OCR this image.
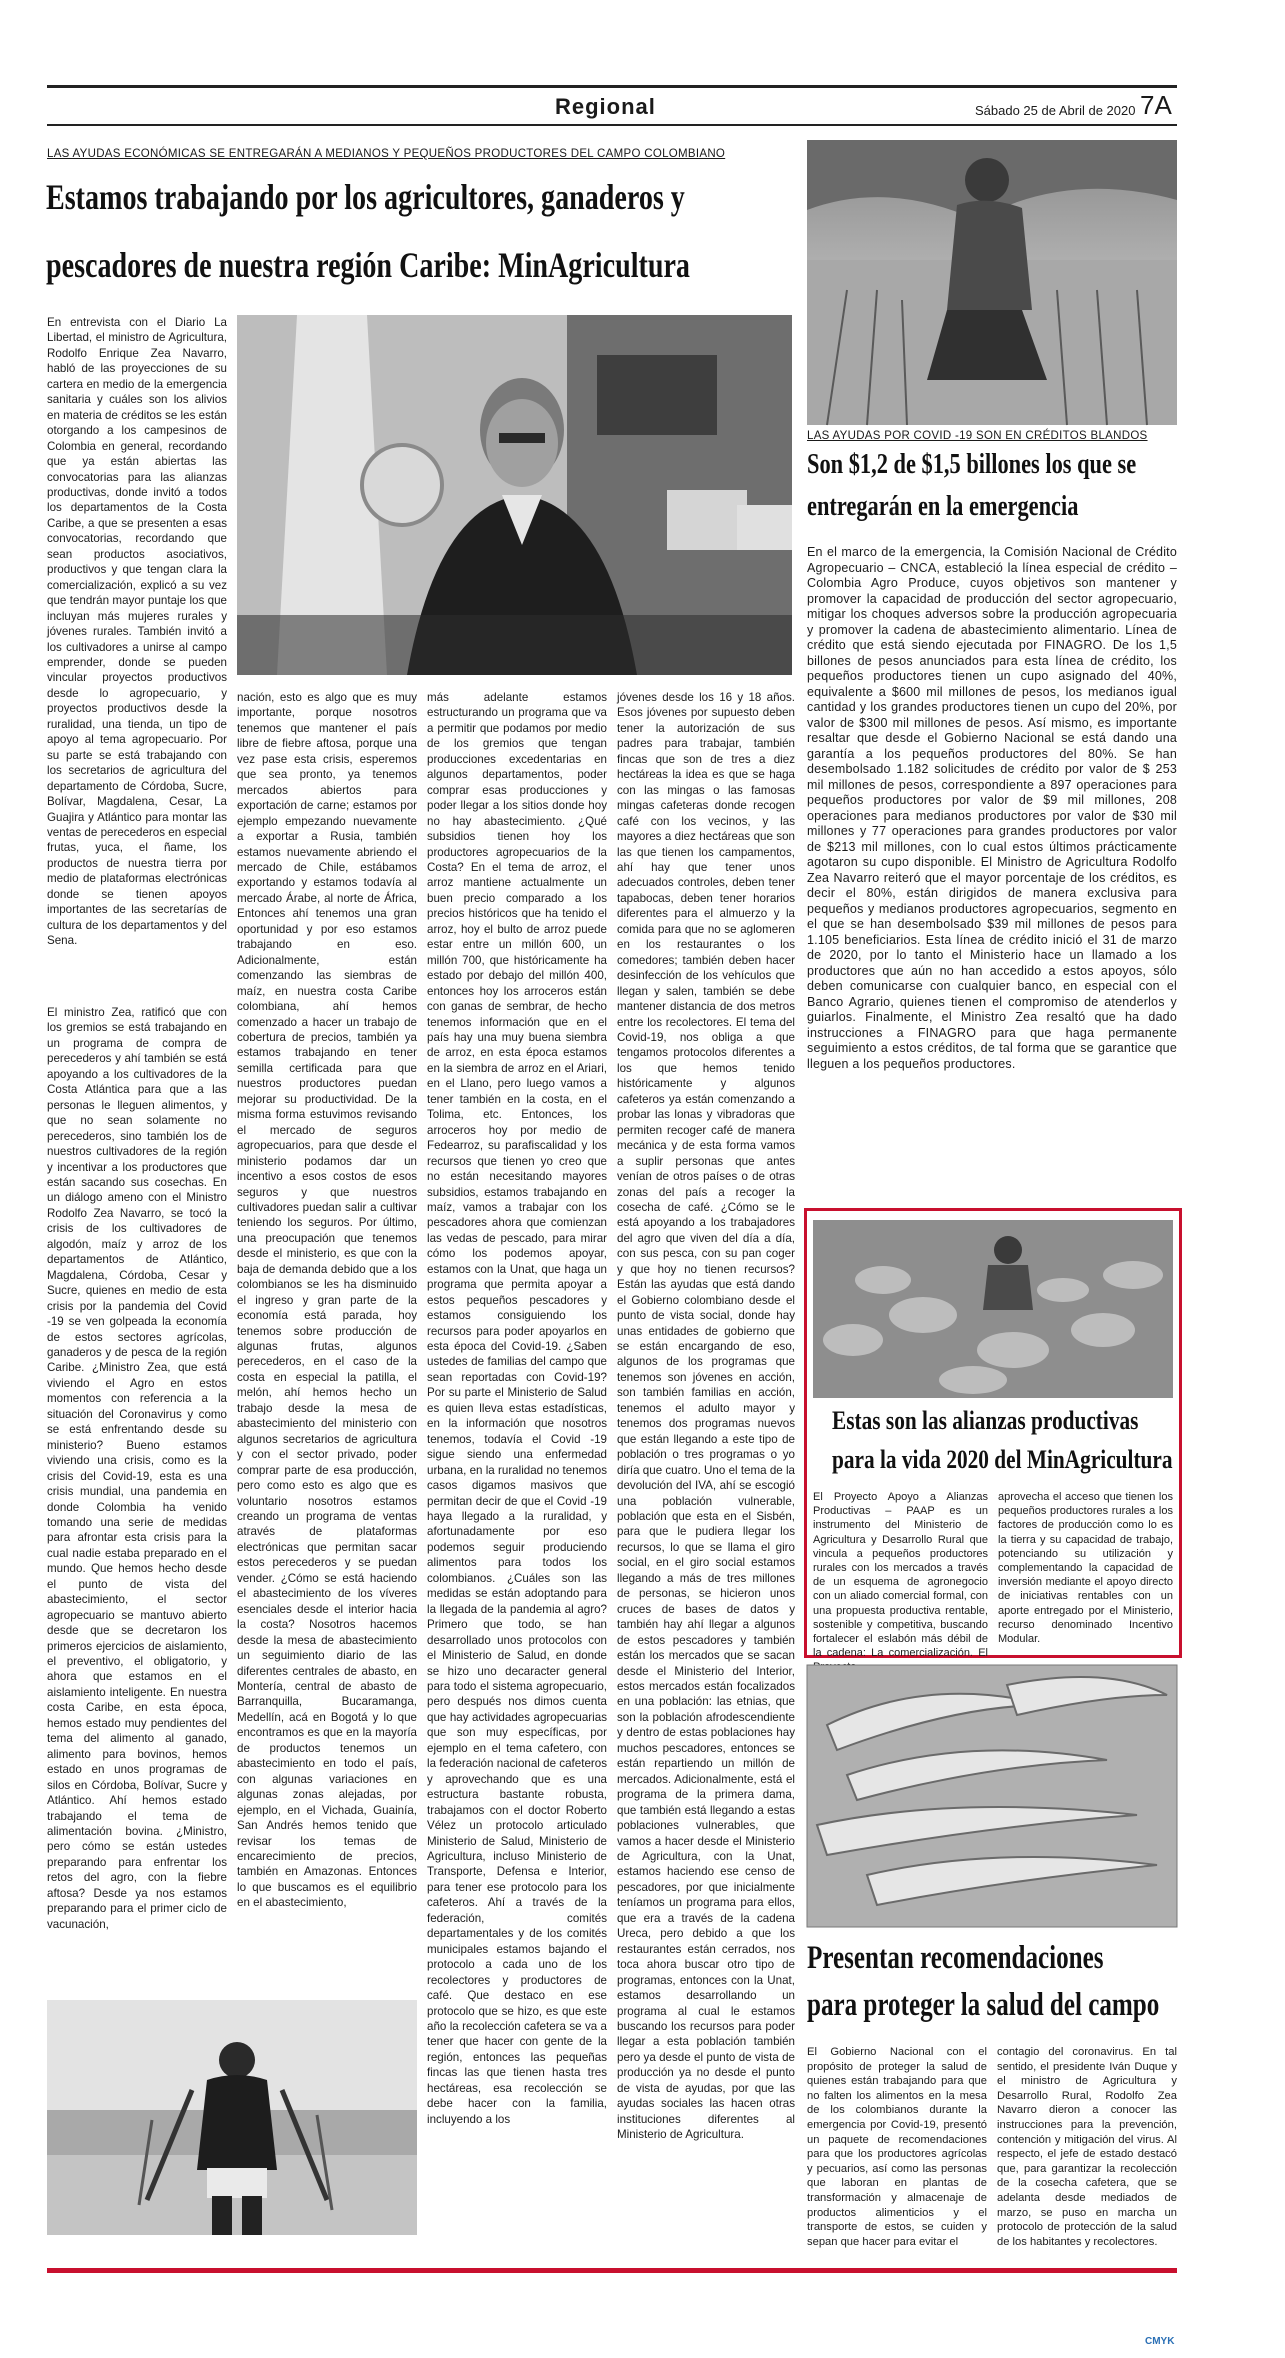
Regional	Sábado 25 de Abril de 2020 7A
LAS AYUDAS ECONÓMICAS SE ENTREGARÁN A MEDIANOS Y PEQUEÑOS PRODUCTORES DEL CAMPO COLOMBIANO
Estamos trabajando por los agricultores, ganaderos y
pescadores de nuestra región Caribe: MinAgricultura
En entrevista con el Diario La Libertad, el ministro de Agricultura, Rodolfo Enrique Zea Navarro, habló de las proyecciones de su cartera en medio de la emergencia sanitaria y cuáles son los alivios en materia de créditos se les están otorgando a los campesinos de Colombia en general, recordando que ya están abiertas las convocatorias para las alianzas productivas, donde invitó a todos los departamentos de la Costa Caribe, a que se presenten a esas convocatorias, recordando que sean productos asociativos, productivos y que tengan clara la comercialización, explicó a su vez que tendrán mayor puntaje los que incluyan más mujeres rurales y jóvenes rurales. También invitó a los cultivadores a unirse al campo emprender, donde se pueden vincular proyectos productivos desde lo agropecuario, y proyectos productivos desde la ruralidad, una tienda, un tipo de apoyo al tema agropecuario. Por su parte se está trabajando con los secretarios de agricultura del departamento de Córdoba, Sucre, Bolívar, Magdalena, Cesar, La Guajira y Atlántico para montar las ventas de perecederos en especial frutas, yuca, el ñame, los productos de nuestra tierra por medio de plataformas electrónicas donde se tienen apoyos importantes de las secretarías de cultura de los departamentos y del Sena.
El ministro Zea, ratificó que con los gremios se está trabajando en un programa de compra de perecederos y ahí también se está apoyando a los cultivadores de la Costa Atlántica para que a las personas le lleguen alimentos, y que no sean solamente no perecederos, sino también los de nuestros cultivadores de la región y incentivar a los productores que están sacando sus cosechas. En un diálogo ameno con el Ministro Rodolfo Zea Navarro, se tocó la crisis de los cultivadores de algodón, maíz y arroz de los departamentos de Atlántico, Magdalena, Córdoba, Cesar y Sucre, quienes en medio de esta crisis por la pandemia del Covid -19 se ven golpeada la economía de estos sectores agrícolas, ganaderos y de pesca de la región Caribe. ¿Ministro Zea, que está viviendo el Agro en estos momentos con referencia a la situación del Coronavirus y como se está enfrentando desde su ministerio? Bueno estamos viviendo una crisis, como es la crisis del Covid-19, esta es una crisis mundial, una pandemia en donde Colombia ha venido tomando una serie de medidas para afrontar esta crisis para la cual nadie estaba preparado en el mundo. Que hemos hecho desde el punto de vista del abastecimiento, el sector agropecuario se mantuvo abierto desde que se decretaron los primeros ejercicios de aislamiento, el preventivo, el obligatorio, y ahora que estamos en el aislamiento inteligente. En nuestra costa Caribe, en esta época, hemos estado muy pendientes del tema del alimento al ganado, alimento para bovinos, hemos estado en unos programas de silos en Córdoba, Bolívar, Sucre y Atlántico. Ahí hemos estado trabajando el tema de alimentación bovina. ¿Ministro, pero cómo se están ustedes preparando para enfrentar los retos del agro, con la fiebre aftosa? Desde ya nos estamos preparando para el primer ciclo de vacunación,
nación, esto es algo que es muy importante, porque nosotros tenemos que mantener el país libre de fiebre aftosa, porque una vez pase esta crisis, esperemos que sea pronto, ya tenemos mercados abiertos para exportación de carne; estamos por ejemplo empezando nuevamente a exportar a Rusia, también estamos nuevamente abriendo el mercado de Chile, estábamos exportando y estamos todavía al mercado Árabe, al norte de África, Entonces ahí tenemos una gran oportunidad y por eso estamos trabajando en eso. Adicionalmente, están comenzando las siembras de maíz, en nuestra costa Caribe colombiana, ahí hemos comenzado a hacer un trabajo de cobertura de precios, también ya estamos trabajando en tener semilla certificada para que nuestros productores puedan mejorar su productividad. De la misma forma estuvimos revisando el mercado de seguros agropecuarios, para que desde el ministerio podamos dar un incentivo a esos costos de esos seguros y que nuestros cultivadores puedan salir a cultivar teniendo los seguros. Por último, una preocupación que tenemos desde el ministerio, es que con la baja de demanda debido que a los colombianos se les ha disminuido el ingreso y gran parte de la economía está parada, hoy tenemos sobre producción de algunas frutas, algunos perecederos, en el caso de la costa en especial la patilla, el melón, ahí hemos hecho un trabajo desde la mesa de abastecimiento del ministerio con algunos secretarios de agricultura y con el sector privado, poder comprar parte de esa producción, pero como esto es algo que es voluntario nosotros estamos creando un programa de ventas através de plataformas electrónicas que permitan sacar estos perecederos y se puedan vender. ¿Cómo se está haciendo el abastecimiento de los víveres esenciales desde el interior hacia la costa? Nosotros hacemos desde la mesa de abastecimiento un seguimiento diario de las diferentes centrales de abasto, en Montería, central de abasto de Barranquilla, Bucaramanga, Medellín, acá en Bogotá y lo que encontramos es que en la mayoría de productos tenemos un abastecimiento en todo el país, con algunas variaciones en algunas zonas alejadas, por ejemplo, en el Vichada, Guainía, San Andrés hemos tenido que revisar los temas de encarecimiento de precios, también en Amazonas. Entonces lo que buscamos es el equilibrio en el abastecimiento,
más adelante estamos estructurando un programa que va a permitir que podamos por medio de los gremios que tengan producciones excedentarias en algunos departamentos, poder comprar esas producciones y poder llegar a los sitios donde hoy no hay abastecimiento. ¿Qué subsidios tienen hoy los productores agropecuarios de la Costa? En el tema de arroz, el arroz mantiene actualmente un buen precio comparado a los precios históricos que ha tenido el arroz, hoy el bulto de arroz puede estar entre un millón 600, un millón 700, que históricamente ha estado por debajo del millón 400, entonces hoy los arroceros están con ganas de sembrar, de hecho tenemos información que en el país hay una muy buena siembra de arroz, en esta época estamos en la siembra de arroz en el Ariari, en el Llano, pero luego vamos a tener también en la costa, en el Tolima, etc. Entonces, los arroceros hoy por medio de Fedearroz, su parafiscalidad y los recursos que tienen yo creo que no están necesitando mayores subsidios, estamos trabajando en maíz, vamos a trabajar con los pescadores ahora que comienzan las vedas de pescado, para mirar cómo los podemos apoyar, estamos con la Unat, que haga un programa que permita apoyar a estos pequeños pescadores y estamos consiguiendo los recursos para poder apoyarlos en esta época del Covid-19. ¿Saben ustedes de familias del campo que sean reportadas con Covid-19? Por su parte el Ministerio de Salud es quien lleva estas estadísticas, en la información que nosotros tenemos, todavía el Covid -19 sigue siendo una enfermedad urbana, en la ruralidad no tenemos casos digamos masivos que permitan decir de que el Covid -19 haya llegado a la ruralidad, y afortunadamente por eso podemos seguir produciendo alimentos para todos los colombianos. ¿Cuáles son las medidas se están adoptando para la llegada de la pandemia al agro? Primero que todo, se han desarrollado unos protocolos con el Ministerio de Salud, en donde se hizo uno decaracter general para todo el sistema agropecuario, pero después nos dimos cuenta que hay actividades agropecuarias que son muy específicas, por ejemplo en el tema cafetero, con la federación nacional de cafeteros y aprovechando que es una estructura bastante robusta, trabajamos con el doctor Roberto Vélez un protocolo articulado Ministerio de Salud, Ministerio de Agricultura, incluso Ministerio de Transporte, Defensa e Interior, para tener ese protocolo para los cafeteros. Ahí a través de la federación, comités departamentales y de los comités municipales estamos bajando el protocolo a cada uno de los recolectores y productores de café. Que destaco en ese protocolo que se hizo, es que este año la recolección cafetera se va a tener que hacer con gente de la región, entonces las pequeñas fincas las que tienen hasta tres hectáreas, esa recolección se debe hacer con la familia, incluyendo a los
jóvenes desde los 16 y 18 años. Esos jóvenes por supuesto deben tener la autorización de sus padres para trabajar, también fincas que son de tres a diez hectáreas la idea es que se haga con las mingas o las famosas mingas cafeteras donde recogen café con los vecinos, y las mayores a diez hectáreas que son las que tienen los campamentos, ahí hay que tener unos adecuados controles, deben tener tapabocas, deben tener horarios diferentes para el almuerzo y la comida para que no se aglomeren en los restaurantes o los comedores; también deben hacer desinfección de los vehículos que llegan y salen, también se debe mantener distancia de dos metros entre los recolectores. El tema del Covid-19, nos obliga a que tengamos protocolos diferentes a los que hemos tenido históricamente y algunos cafeteros ya están comenzando a probar las lonas y vibradoras que permiten recoger café de manera mecánica y de esta forma vamos a suplir personas que antes venían de otros países o de otras zonas del país a recoger la cosecha de café. ¿Cómo se le está apoyando a los trabajadores del agro que viven del día a día, con sus pesca, con su pan coger y que hoy no tienen recursos? Están las ayudas que está dando el Gobierno colombiano desde el punto de vista social, donde hay unas entidades de gobierno que se están encargando de eso, algunos de los programas que tenemos son jóvenes en acción, son también familias en acción, tenemos el adulto mayor y tenemos dos programas nuevos que están llegando a este tipo de población o tres programas o yo diría que cuatro. Uno el tema de la devolución del IVA, ahí se escogió una población vulnerable, población que esta en el Sisbén, para que le pudiera llegar los recursos, lo que se llama el giro social, en el giro social estamos llegando a más de tres millones de personas, se hicieron unos cruces de bases de datos y también hay ahí llegar a algunos de estos pescadores y también están los mercados que se sacan desde el Ministerio del Interior, estos mercados están focalizados en una población: las etnias, que son la población afrodescendiente y dentro de estas poblaciones hay muchos pescadores, entonces se están repartiendo un millón de mercados. Adicionalmente, está el programa de la primera dama, que también está llegando a estas poblaciones vulnerables, que vamos a hacer desde el Ministerio de Agricultura, con la Unat, estamos haciendo ese censo de pescadores, por que inicialmente teníamos un programa para ellos, que era a través de la cadena Ureca, pero debido a que los restaurantes están cerrados, nos toca ahora buscar otro tipo de programas, entonces con la Unat, estamos desarrollando un programa al cual le estamos buscando los recursos para poder llegar a esta población también pero ya desde el punto de vista de producción ya no desde el punto de vista de ayudas, por que las ayudas sociales las hacen otras instituciones diferentes al Ministerio de Agricultura.
LAS AYUDAS POR COVID -19 SON EN CRÉDITOS BLANDOS
Son $1,2 de $1,5 billones los que se
entregarán en la emergencia
En el marco de la emergencia, la Comisión Nacional de Crédito Agropecuario – CNCA, estableció la línea especial de crédito – Colombia Agro Produce, cuyos objetivos son mantener y promover la capacidad de producción del sector agropecuario, mitigar los choques adversos sobre la producción agropecuaria y promover la cadena de abastecimiento alimentario. Línea de crédito que está siendo ejecutada por FINAGRO. De los 1,5 billones de pesos anunciados para esta línea de crédito, los pequeños productores tienen un cupo asignado del 40%, equivalente a $600 mil millones de pesos, los medianos igual cantidad y los grandes productores tienen un cupo del 20%, por valor de $300 mil millones de pesos. Así mismo, es importante resaltar que desde el Gobierno Nacional se está dando una garantía a los pequeños productores del 80%. Se han desembolsado 1.182 solicitudes de crédito por valor de $ 253 mil millones de pesos, correspondiente a 897 operaciones para pequeños productores por valor de $9 mil millones, 208 operaciones para medianos productores por valor de $30 mil millones y 77 operaciones para grandes productores por valor de $213 mil millones, con lo cual estos últimos prácticamente agotaron su cupo disponible. El Ministro de Agricultura Rodolfo Zea Navarro reiteró que el mayor porcentaje de los créditos, es decir el 80%, están dirigidos de manera exclusiva para pequeños y medianos productores agropecuarios, segmento en el que se han desembolsado $39 mil millones de pesos para 1.105 beneficiarios. Esta línea de crédito inició el 31 de marzo de 2020, por lo tanto el Ministerio hace un llamado a los productores que aún no han accedido a estos apoyos, sólo deben comunicarse con cualquier banco, en especial con el Banco Agrario, quienes tienen el compromiso de atenderlos y guiarlos. Finalmente, el Ministro Zea resaltó que ha dado instrucciones a FINAGRO para que haga permanente seguimiento a estos créditos, de tal forma que se garantice que lleguen a los pequeños productores.
Estas son las alianzas productivas
para la vida 2020 del MinAgricultura
El Proyecto Apoyo a Alianzas Productivas – PAAP es un instrumento del Ministerio de Agricultura y Desarrollo Rural que vincula a pequeños productores rurales con los mercados a través de un esquema de agronegocio con un aliado comercial formal, con una propuesta productiva rentable, sostenible y competitiva, buscando fortalecer el eslabón más débil de la cadena: La comercialización. El
aprovecha el acceso que tienen los pequeños productores rurales a los factores de producción como lo es la tierra y su capacidad de trabajo, potenciando su utilización y complementando la capacidad de inversión mediante el apoyo directo de iniciativas rentables con un aporte entregado por el Ministerio, recurso denominado Incentivo Modular.
Presentan recomendaciones
para proteger la salud del campo
El Gobierno Nacional con el propósito de proteger la salud de quienes están trabajando para que no falten los alimentos en la mesa de los colombianos durante la emergencia por Covid-19, presentó un paquete de recomendaciones para que los productores agrícolas y pecuarios, así como las personas que laboran en plantas de transformación y almacenaje de productos alimenticios y el transporte de estos, se cuiden y sepan que hacer para evitar el
contagio del coronavirus. En tal sentido, el presidente Iván Duque y el ministro de Agricultura y Desarrollo Rural, Rodolfo Zea Navarro dieron a conocer las instrucciones para la prevención, contención y mitigación del virus. Al respecto, el jefe de estado destacó que, para garantizar la recolección de la cosecha cafetera, que se adelanta desde mediados de marzo, se puso en marcha un protocolo de protección de la salud de los habitantes y recolectores.
CMYK
